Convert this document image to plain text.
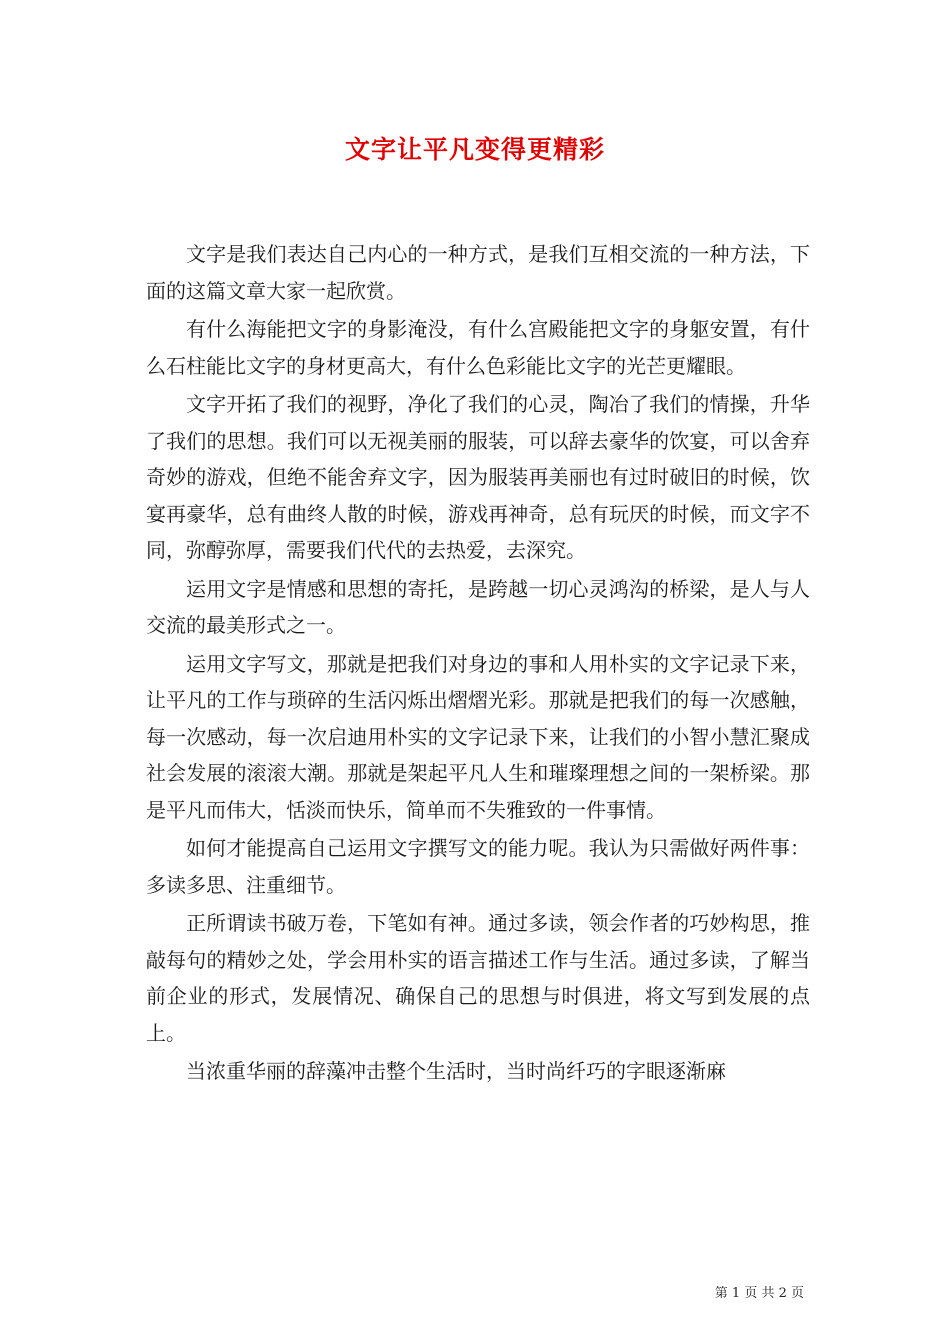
文字让平凡变得更精彩

文字是我们表达自己内心的一种方式，是我们互相交流的一种方法，下面的这篇文章大家一起欣赏。

有什么海能把文字的身影淹没，有什么宫殿能把文字的身躯安置，有什么石柱能比文字的身材更高大，有什么色彩能比文字的光芒更耀眼。

文字开拓了我们的视野，净化了我们的心灵，陶冶了我们的情操，升华了我们的思想。我们可以无视美丽的服装，可以辞去豪华的饮宴，可以舍弃奇妙的游戏，但绝不能舍弃文字，因为服装再美丽也有过时破旧的时候，饮宴再豪华，总有曲终人散的时候，游戏再神奇，总有玩厌的时候，而文字不同，弥醇弥厚，需要我们代代的去热爱，去深究。

运用文字是情感和思想的寄托，是跨越一切心灵鸿沟的桥梁，是人与人交流的最美形式之一。

运用文字写文，那就是把我们对身边的事和人用朴实的文字记录下来，让平凡的工作与琐碎的生活闪烁出熠熠光彩。那就是把我们的每一次感触，每一次感动，每一次启迪用朴实的文字记录下来，让我们的小智小慧汇聚成社会发展的滚滚大潮。那就是架起平凡人生和璀璨理想之间的一架桥梁。那是平凡而伟大，恬淡而快乐，简单而不失雅致的一件事情。

如何才能提高自己运用文字撰写文的能力呢。我认为只需做好两件事：多读多思、注重细节。

正所谓读书破万卷，下笔如有神。通过多读，领会作者的巧妙构思，推敲每句的精妙之处，学会用朴实的语言描述工作与生活。通过多读，了解当前企业的形式，发展情况、确保自己的思想与时俱进，将文写到发展的点上。

当浓重华丽的辞藻冲击整个生活时，当时尚纤巧的字眼逐渐麻

第 1 页 共 2 页
